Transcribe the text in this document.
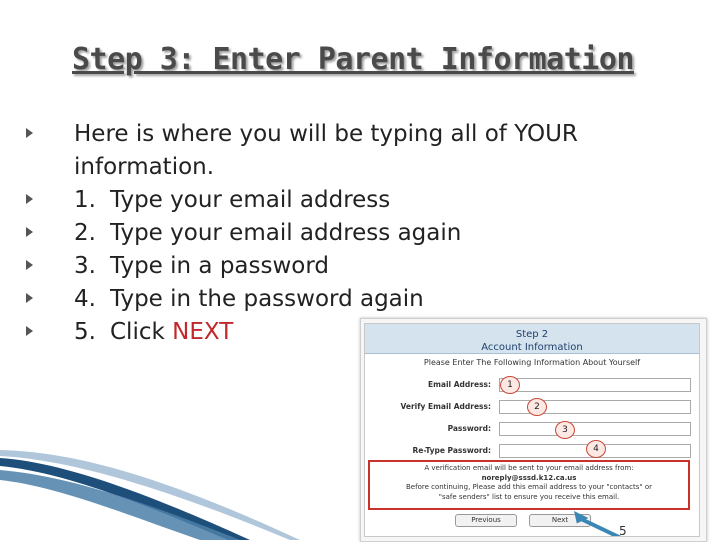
Step 3: Enter Parent Information
Here is where you will be typing all of YOUR information.
1. Type your email address
2. Type your email address again
3. Type in a password
4. Type in the password again
5. Click NEXT	Step 2
Account Information
Please Enter The Following Information About Yourself
Email Address:
Verify Email Address:
Password:
Re-Type Password:
1
2
3
4
A verification email will be sent to your email address from:
noreply@sssd.k12.ca.us
Before continuing, Please add this email address to your "contacts" or
"safe senders" list to ensure you receive this email.
Previous	Next
5
